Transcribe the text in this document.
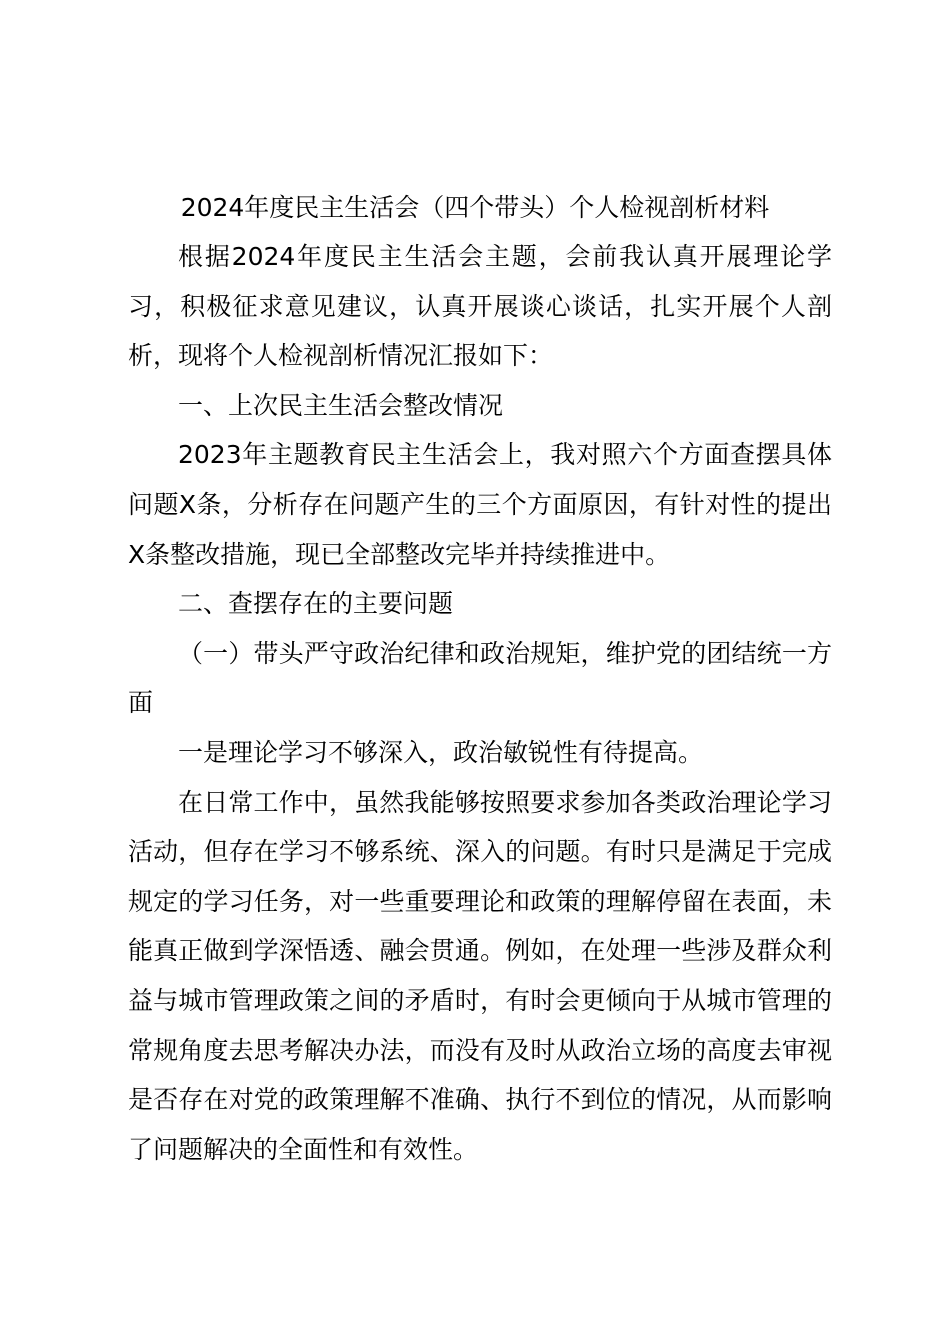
2024年度民主生活会（四个带头）个人检视剖析材料

根据2024年度民主生活会主题，会前我认真开展理论学习，积极征求意见建议，认真开展谈心谈话，扎实开展个人剖析，现将个人检视剖析情况汇报如下：

一、上次民主生活会整改情况

2023年主题教育民主生活会上，我对照六个方面查摆具体问题X条，分析存在问题产生的三个方面原因，有针对性的提出X条整改措施，现已全部整改完毕并持续推进中。

二、查摆存在的主要问题

（一）带头严守政治纪律和政治规矩，维护党的团结统一方面

一是理论学习不够深入，政治敏锐性有待提高。

在日常工作中，虽然我能够按照要求参加各类政治理论学习活动，但存在学习不够系统、深入的问题。有时只是满足于完成规定的学习任务，对一些重要理论和政策的理解停留在表面，未能真正做到学深悟透、融会贯通。例如，在处理一些涉及群众利益与城市管理政策之间的矛盾时，有时会更倾向于从城市管理的常规角度去思考解决办法，而没有及时从政治立场的高度去审视是否存在对党的政策理解不准确、执行不到位的情况，从而影响了问题解决的全面性和有效性。
